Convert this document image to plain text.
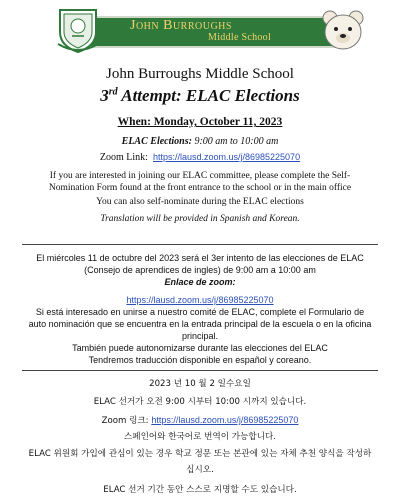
John Burroughs
Middle School
John Burroughs Middle School
3rd Attempt: ELAC Elections
When: Monday, October 11, 2023
ELAC Elections: 9:00 am to 10:00 am
Zoom Link: https://lausd.zoom.us/j/86985225070
If you are interested in joining our ELAC committee, please complete the Self-Nomination Form found at the front entrance to the school or in the main office
You can also self-nominate during the ELAC elections
Translation will be provided in Spanish and Korean.
El miércoles 11 de octubre del 2023 será el 3er intento de las elecciones de ELAC (Consejo de aprendices de ingles) de 9:00 am a 10:00 am
Enlace de zoom:
https://lausd.zoom.us/j/86985225070
Si está interesado en unirse a nuestro comité de ELAC, complete el Formulario de auto nominación que se encuentra en la entrada principal de la escuela o en la oficina principal.
También puede autonomizarse durante las elecciones del ELAC
Tendremos traducción disponible en español y coreano.
2023 년 10 월 2 일수요일
ELAC 선거가 오전 9:00 시부터 10:00 시까지 있습니다.
Zoom 링크: https://lausd.zoom.us/j/86985225070
스페인어와 한국어로 번역이 가능합니다.
ELAC 위원회 가입에 관심이 있는 경우 학교 정문 또는 본관에 있는 자체 추천 양식을 작성하십시오.
ELAC 선거 기간 동안 스스로 지명할 수도 있습니다.
